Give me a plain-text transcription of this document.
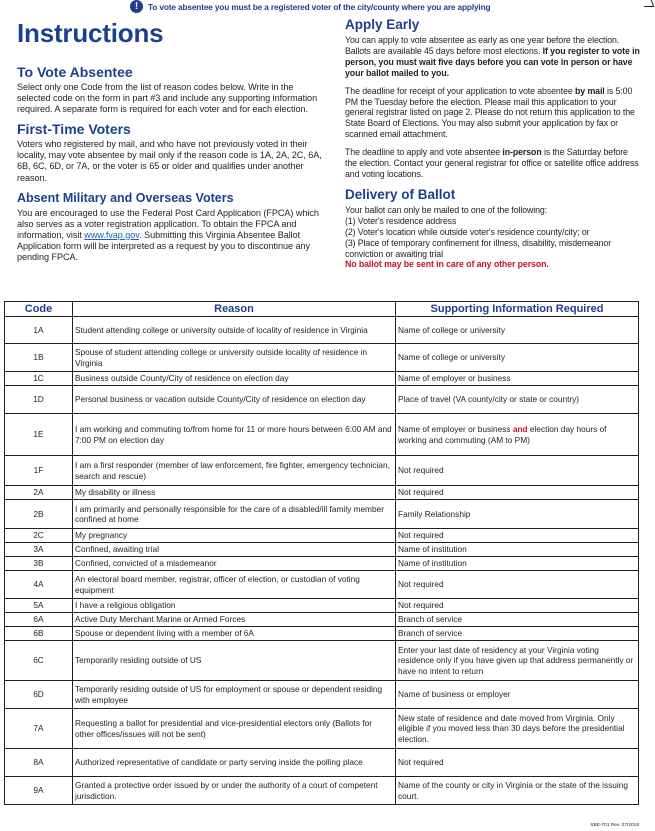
!	To vote absentee you must be a registered voter of the city/county where you are applying
Instructions
To Vote Absentee

Select only one Code from the list of reason codes below. Write in the selected code on the form in part #3 and include any supporting information required. A separate form is required for each voter and for each election.

First-Time Voters

Voters who registered by mail, and who have not previously voted in their locality, may vote absentee by mail only if the reason code is 1A, 2A, 2C, 6A, 6B, 6C, 6D, or 7A, or the voter is 65 or older and qualifies under another reason.

Absent Military and Overseas Voters

You are encouraged to use the Federal Post Card Application (FPCA) which also serves as a voter registration application. To obtain the FPCA and information, visit www.fvap.gov. Submitting this Virginia Absentee Ballot Application form will be interpreted as a request by you to discontinue any pending FPCA.

Apply Early

You can apply to vote absentee as early as one year before the election. Ballots are available 45 days before most elections. If you register to vote in person, you must wait five days before you can vote in person or have your ballot mailed to you.

The deadline for receipt of your application to vote absentee by mail is 5:00 PM the Tuesday before the election. Please mail this application to your general registrar listed on page 2. Please do not return this application to the State Board of Elections. You may also submit your application by fax or scanned email attachment.

The deadline to apply and vote absentee in-person is the Saturday before the election. Contact your general registrar for office or satellite office address and voting locations.

Delivery of Ballot

Your ballot can only be mailed to one of the following:

(1) Voter's residence address

(2) Voter's location while outside voter's residence county/city; or

(3) Place of temporary confinement for illness, disability, misdemeanor conviction or awaiting trial

No ballot may be sent in care of any other person.

Code	Reason	Supporting Information Required
1A	Student attending college or university outside of locality of residence in Virginia	Name of college or university
1B	Spouse of student attending college or university outside locality of residence in Virginia	Name of college or university
1C	Business outside County/City of residence on election day	Name of employer or business
1D	Personal business or vacation outside County/City of residence on election day	Place of travel (VA county/city or state or country)
1E	I am working and commuting to/from home for 11 or more hours between 6:00 AM and 7:00 PM on election day	Name of employer or business and election day hours of working and commuting (AM to PM)
1F	I am a first responder (member of law enforcement, fire fighter, emergency technician, search and rescue)	Not required
2A	My disability or illness	Not required
2B	I am primarily and personally responsible for the care of a disabled/ill family member confined at home	Family Relationship
2C	My pregnancy	Not required
3A	Confined, awaiting trial	Name of institution
3B	Confined, convicted of a misdemeanor	Name of institution
4A	An electoral board member, registrar, officer of election, or custodian of voting equipment	Not required
5A	I have a religious obligation	Not required
6A	Active Duty Merchant Marine or Armed Forces	Branch of service
6B	Spouse or dependent living with a member of 6A	Branch of service
6C	Temporarily residing outside of US	Enter your last date of residency at your Virginia voting residence only if you have given up that address permanently or have no intent to return
6D	Temporarily residing outside of US for employment or spouse or dependent residing with employee	Name of business or employer
7A	Requesting a ballot for presidential and vice-presidential electors only (Ballots for other offices/issues will not be sent)	New state of residence and date moved from Virginia. Only eligible if you moved less than 30 days before the presidential election.
8A	Authorized representative of candidate or party serving inside the polling place	Not required
9A	Granted a protective order issued by or under the authority of a court of competent jurisdiction.	Name of the county or city in Virginia or the state of the issuing court.
SBE-701 Rev. 07/2018
